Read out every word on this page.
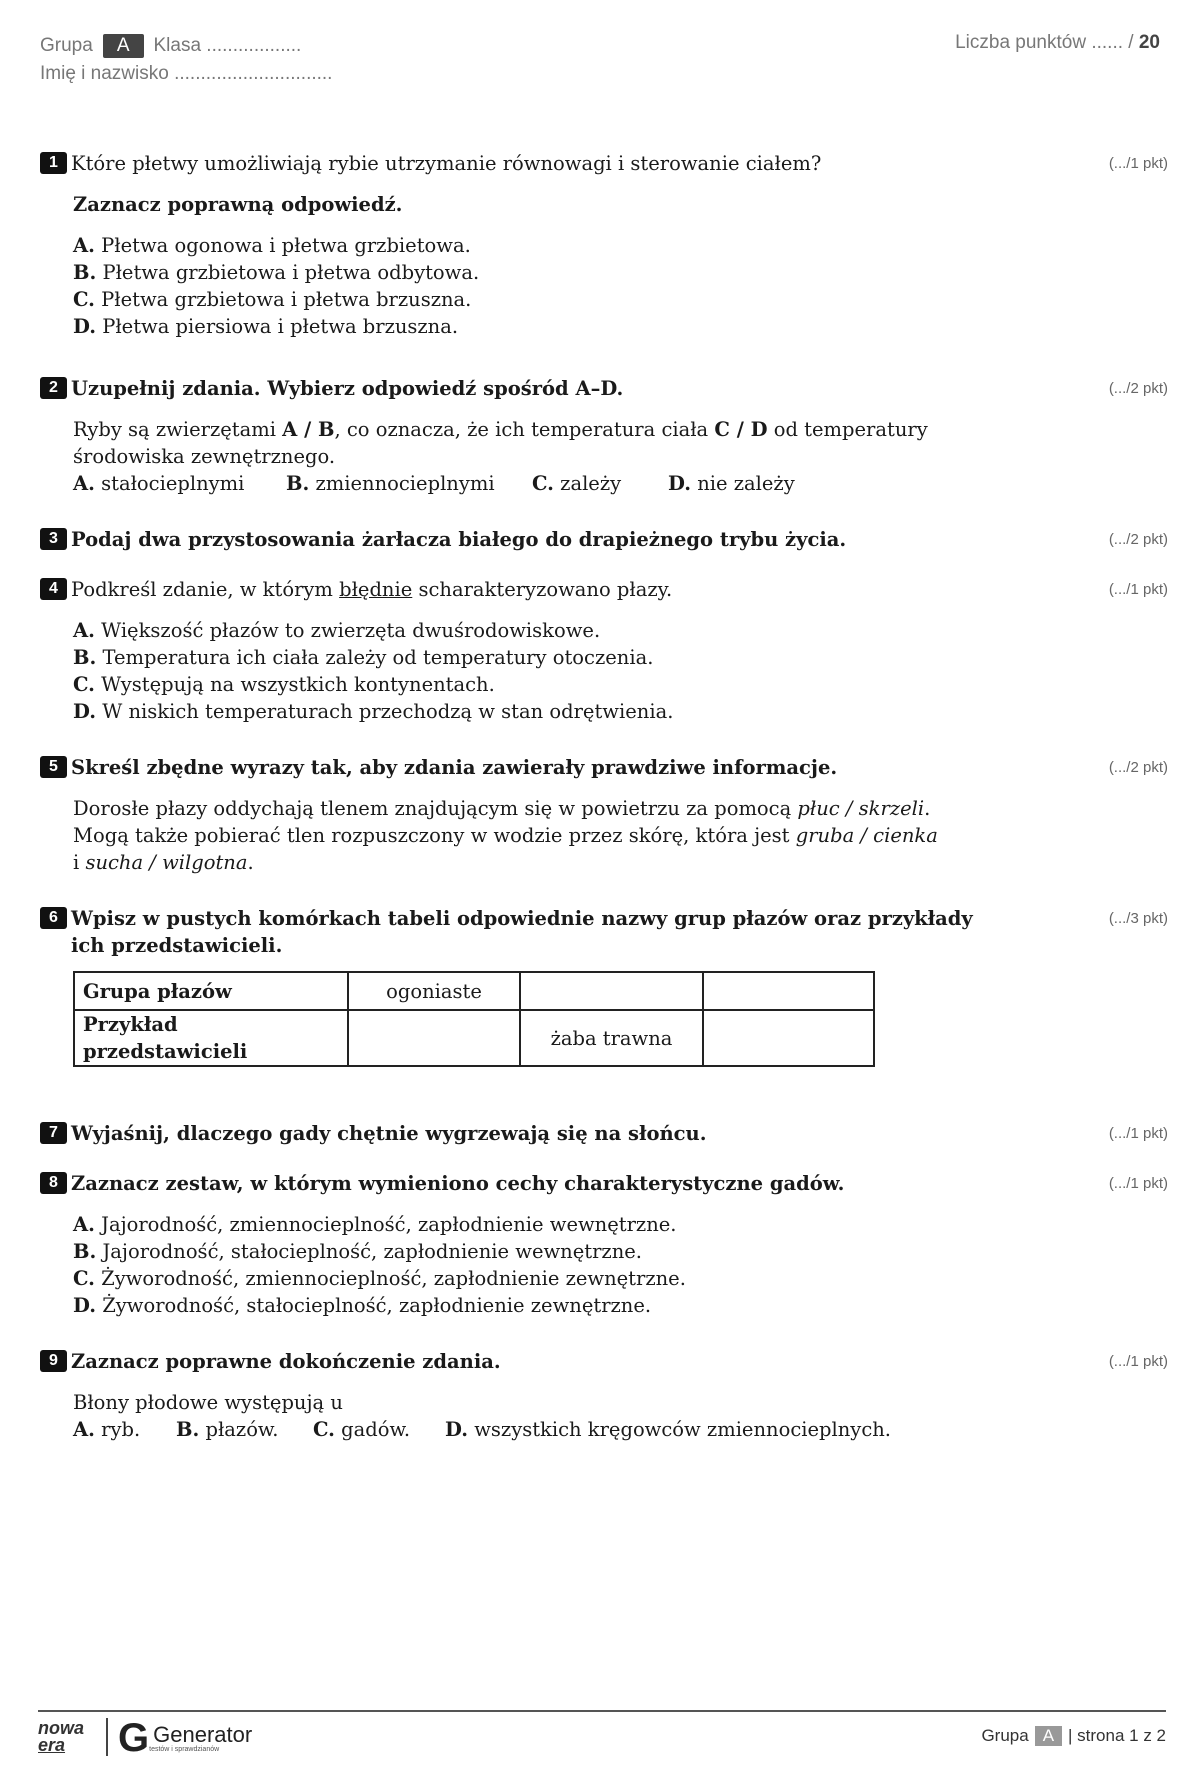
Grupa	A	Klasa ..................	Liczba punktów ...... / 20
Imię i nazwisko ..............................
1 Które płetwy umożliwiają rybie utrzymanie równowagi i sterowanie ciałem?	(.../1 pkt)
Zaznacz poprawną odpowiedź.
A. Płetwa ogonowa i płetwa grzbietowa.
B. Płetwa grzbietowa i płetwa odbytowa.
C. Płetwa grzbietowa i płetwa brzuszna.
D. Płetwa piersiowa i płetwa brzuszna.
2 Uzupełnij zdania. Wybierz odpowiedź spośród A–D.	(.../2 pkt)
Ryby są zwierzętami A / B, co oznacza, że ich temperatura ciała C / D od temperatury
środowiska zewnętrznego.
A. stałocieplnymi B. zmiennocieplnymi C. zależy D. nie zależy
3 Podaj dwa przystosowania żarłacza białego do drapieżnego trybu życia.	(.../2 pkt)
4 Podkreśl zdanie, w którym błędnie scharakteryzowano płazy.	(.../1 pkt)
A. Większość płazów to zwierzęta dwuśrodowiskowe.
B. Temperatura ich ciała zależy od temperatury otoczenia.
C. Występują na wszystkich kontynentach.
D. W niskich temperaturach przechodzą w stan odrętwienia.
5 Skreśl zbędne wyrazy tak, aby zdania zawierały prawdziwe informacje.	(.../2 pkt)
Dorosłe płazy oddychają tlenem znajdującym się w powietrzu za pomocą płuc / skrzeli.
Mogą także pobierać tlen rozpuszczony w wodzie przez skórę, która jest gruba / cienka
i sucha / wilgotna.
6 Wpisz w pustych komórkach tabeli odpowiednie nazwy grup płazów oraz przykłady
ich przedstawicieli.
(.../3 pkt)
Grupa płazów	ogoniaste		
Przykład przedstawicieli		żaba trawna	
7 Wyjaśnij, dlaczego gady chętnie wygrzewają się na słońcu.	(.../1 pkt)
8 Zaznacz zestaw, w którym wymieniono cechy charakterystyczne gadów.	(.../1 pkt)
A. Jajorodność, zmiennocieplność, zapłodnienie wewnętrzne.
B. Jajorodność, stałocieplność, zapłodnienie wewnętrzne.
C. Żyworodność, zmiennocieplność, zapłodnienie zewnętrzne.
D. Żyworodność, stałocieplność, zapłodnienie zewnętrzne.
9 Zaznacz poprawne dokończenie zdania.	(.../1 pkt)
Błony płodowe występują u
A. ryb. B. płazów. C. gadów. D. wszystkich kręgowców zmiennocieplnych.
nowa
era	G Generator
testów i sprawdzianów
Grupa A | strona 1 z 2
